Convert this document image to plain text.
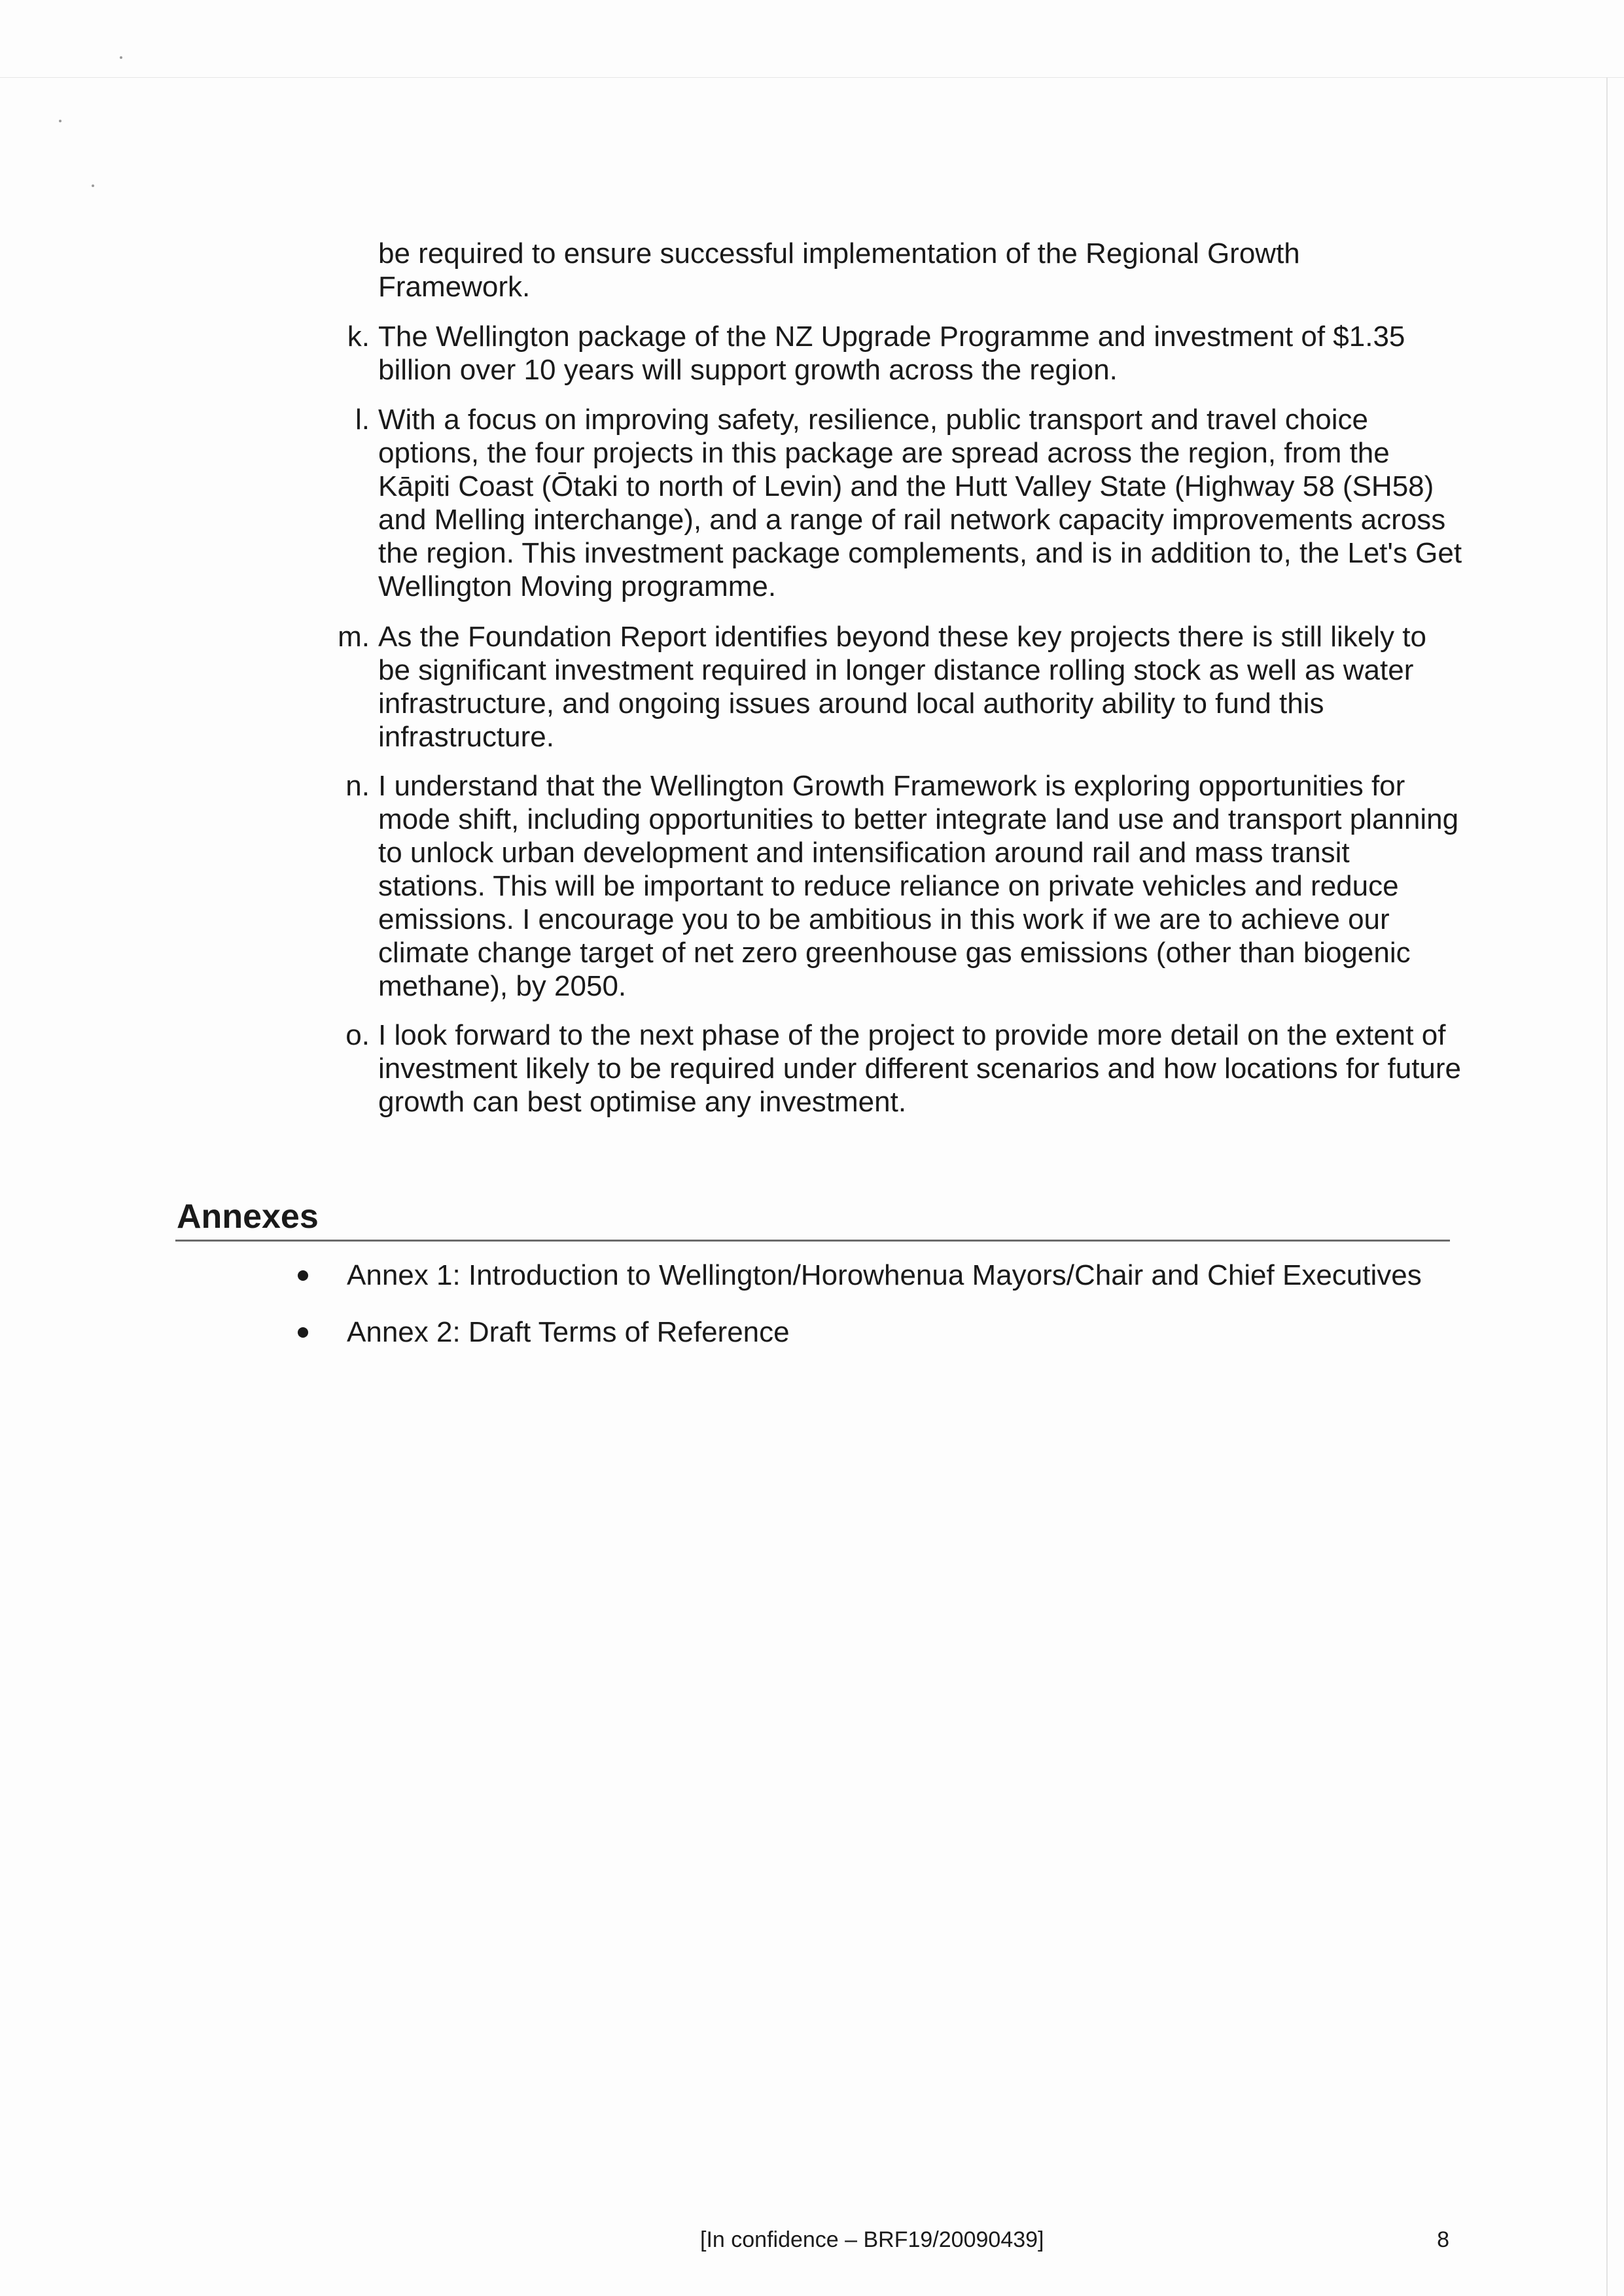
be required to ensure successful implementation of the Regional Growth Framework.
k. The Wellington package of the NZ Upgrade Programme and investment of $1.35 billion over 10 years will support growth across the region.
l. With a focus on improving safety, resilience, public transport and travel choice options, the four projects in this package are spread across the region, from the Kāpiti Coast (Ōtaki to north of Levin) and the Hutt Valley State (Highway 58 (SH58) and Melling interchange), and a range of rail network capacity improvements across the region. This investment package complements, and is in addition to, the Let's Get Wellington Moving programme.
m. As the Foundation Report identifies beyond these key projects there is still likely to be significant investment required in longer distance rolling stock as well as water infrastructure, and ongoing issues around local authority ability to fund this infrastructure.
n. I understand that the Wellington Growth Framework is exploring opportunities for mode shift, including opportunities to better integrate land use and transport planning to unlock urban development and intensification around rail and mass transit stations. This will be important to reduce reliance on private vehicles and reduce emissions. I encourage you to be ambitious in this work if we are to achieve our climate change target of net zero greenhouse gas emissions (other than biogenic methane), by 2050.
o. I look forward to the next phase of the project to provide more detail on the extent of investment likely to be required under different scenarios and how locations for future growth can best optimise any investment.
Annexes
Annex 1: Introduction to Wellington/Horowhenua Mayors/Chair and Chief Executives
Annex 2: Draft Terms of Reference
[In confidence – BRF19/20090439]	8
